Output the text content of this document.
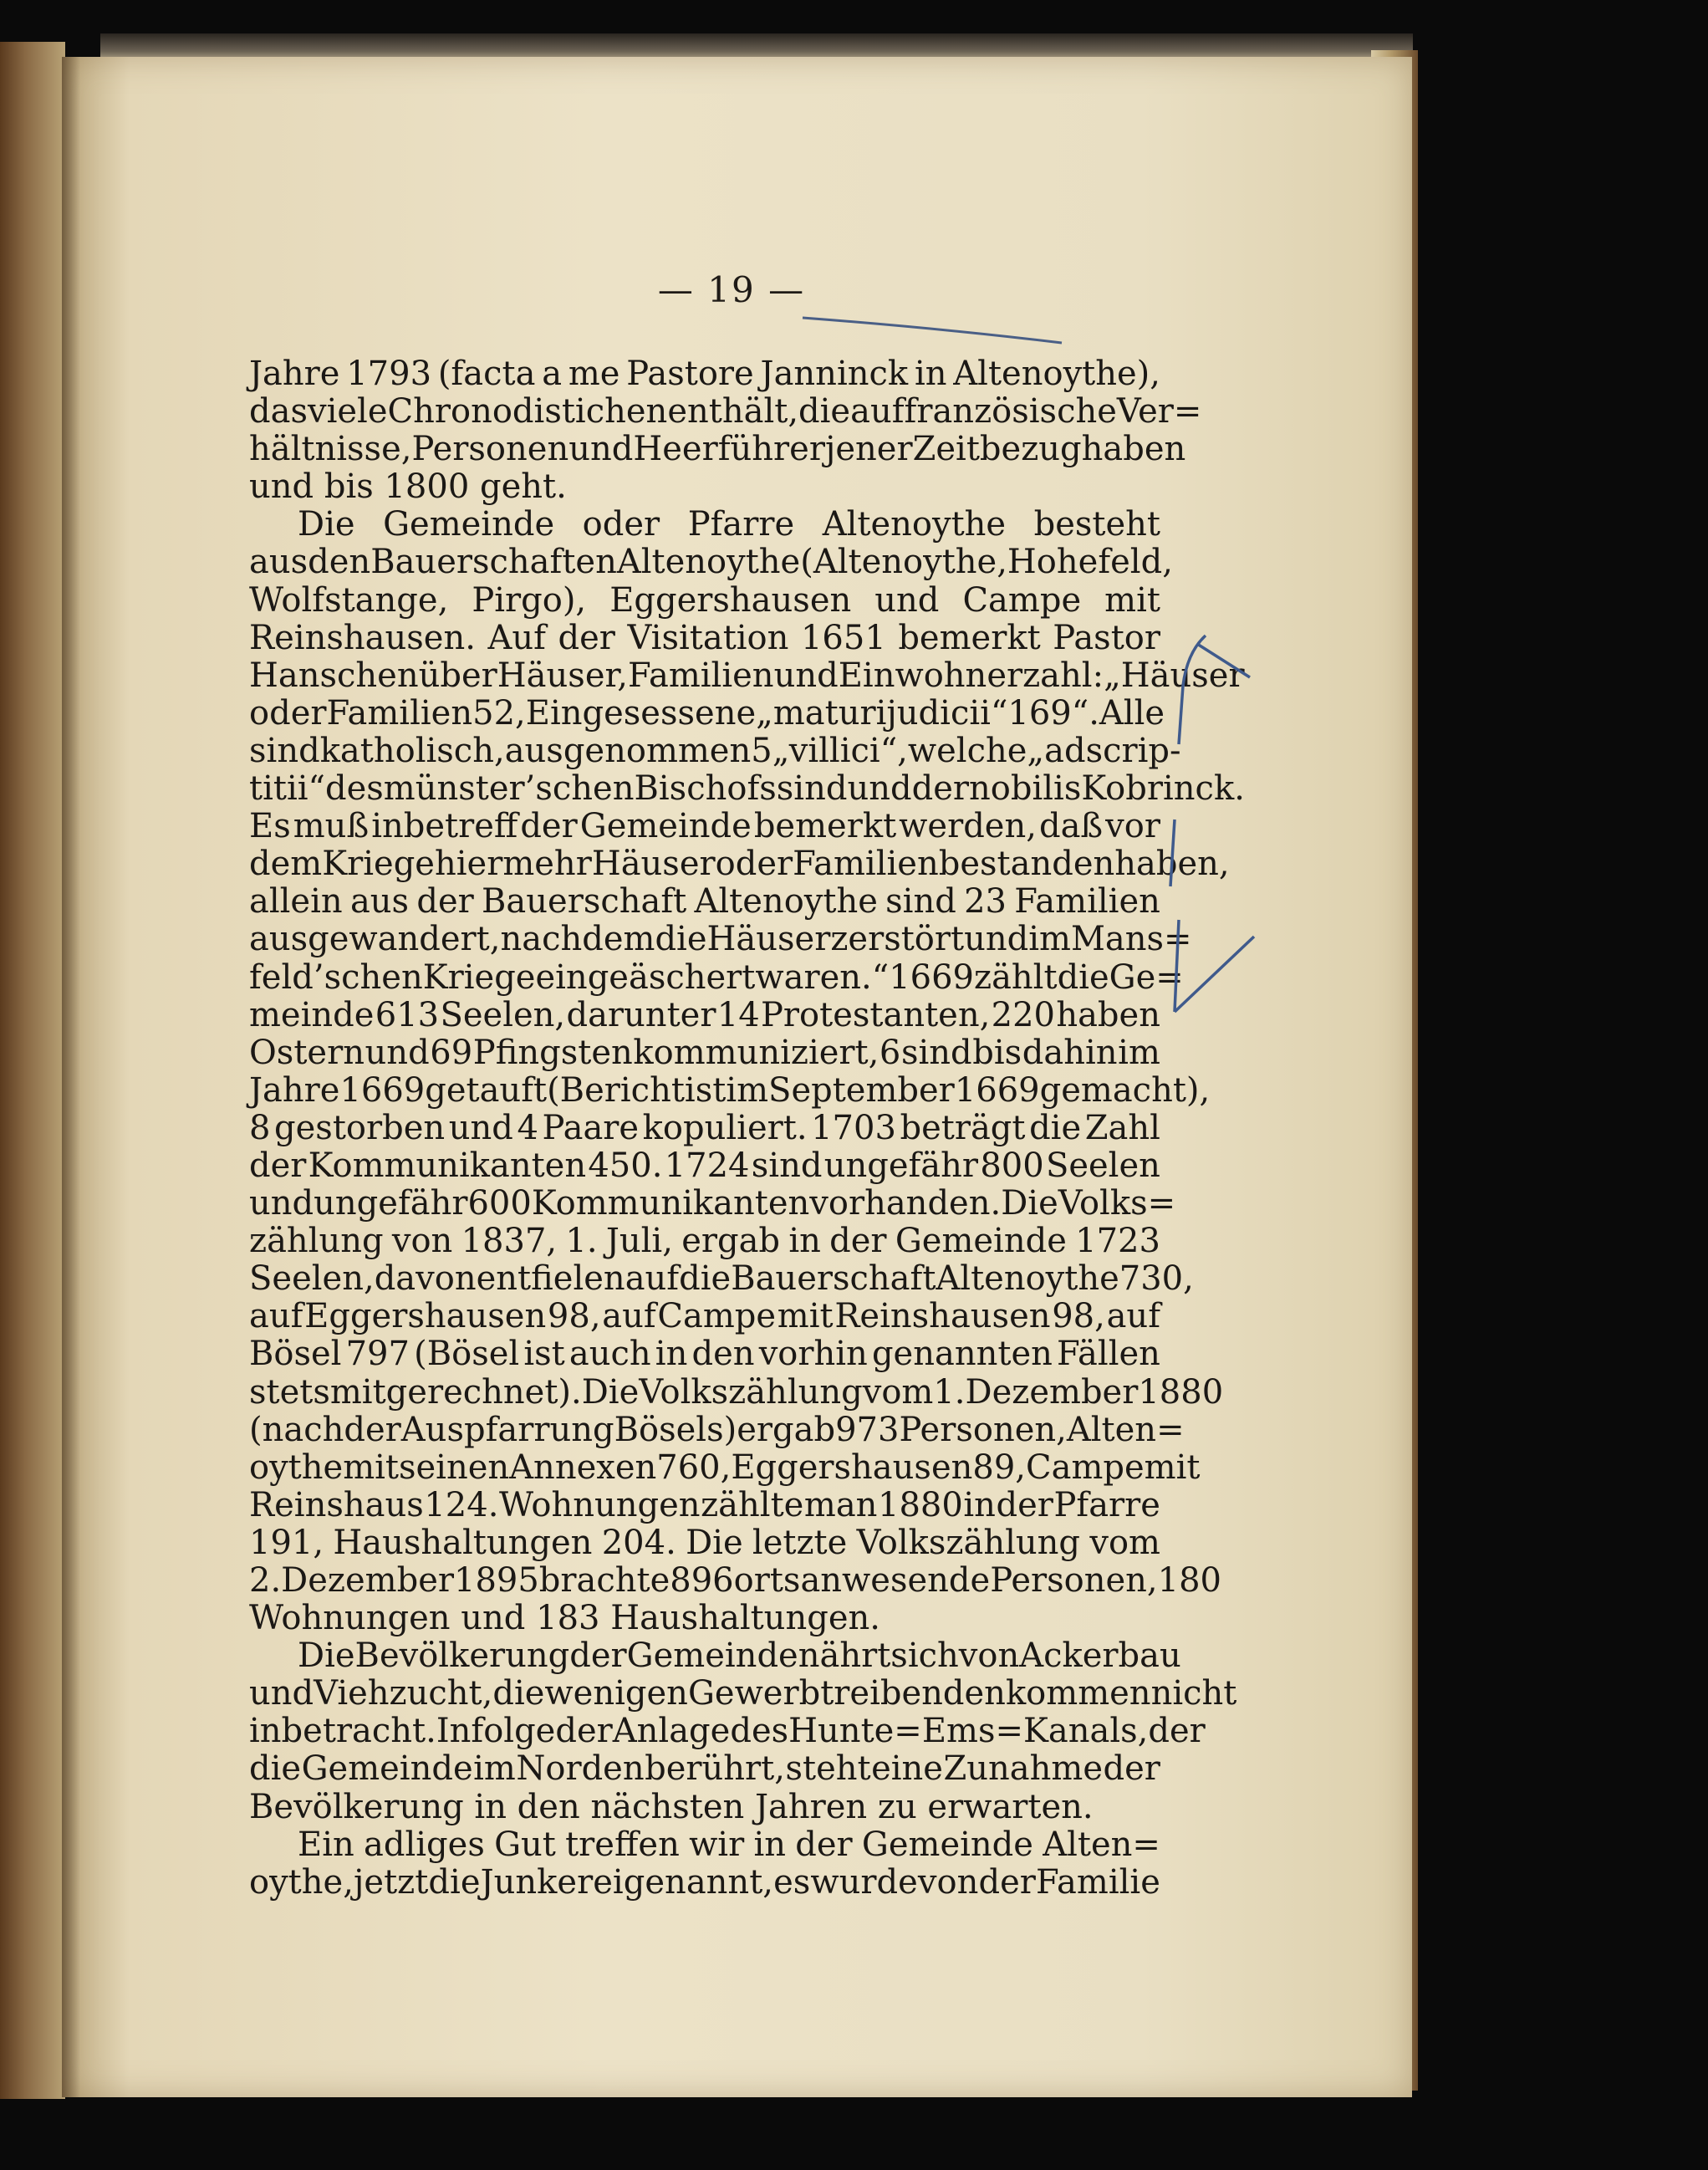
— 19 —
Jahre 1793 (facta a me Pastore Janninck in Altenoythe),
das viele Chronodistichen enthält, die auf französische Ver=
hältnisse, Personen und Heerführer jener Zeit bezug haben
und bis 1800 geht.
Die Gemeinde oder Pfarre Altenoythe besteht
aus den Bauerschaften Altenoythe (Altenoythe, Hohefeld,
Wolfstange, Pirgo), Eggershausen und Campe mit
Reinshausen. Auf der Visitation 1651 bemerkt Pastor
Hanschen über Häuser, Familien und Einwohnerzahl: „Häuser
oder Familien 52, Eingesessene „maturi judicii“ 169“. Alle
sind katholisch, ausgenommen 5 „villici“, welche „adscrip-
titii“ des münster’schen Bischofs sind und der nobilis Kobrinck.
Es muß inbetreff der Gemeinde bemerkt werden, daß vor
dem Kriege hier mehr Häuser oder Familien bestanden haben,
allein aus der Bauerschaft Altenoythe sind 23 Familien
ausgewandert, nachdem die Häuser zerstört und im Mans=
feld’schen Kriege eingeäschert waren.“ 1669 zählt die Ge=
meinde 613 Seelen, darunter 14 Protestanten, 220 haben
Ostern und 69 Pfingsten kommuniziert, 6 sind bis dahin im
Jahre 1669 getauft (Bericht ist im September 1669 gemacht),
8 gestorben und 4 Paare kopuliert. 1703 beträgt die Zahl
der Kommunikanten 450. 1724 sind ungefähr 800 Seelen
und ungefähr 600 Kommunikanten vorhanden. Die Volks=
zählung von 1837, 1. Juli, ergab in der Gemeinde 1723
Seelen, davon entfielen auf die Bauerschaft Altenoythe 730,
auf Eggershausen 98, auf Campe mit Reinshausen 98, auf
Bösel 797 (Bösel ist auch in den vorhin genannten Fällen
stets mitgerechnet). Die Volkszählung vom 1. Dezember 1880
(nach der Auspfarrung Bösels) ergab 973 Personen, Alten=
oythe mit seinen Annexen 760, Eggershausen 89, Campe mit
Reinshaus 124. Wohnungen zählte man 1880 in der Pfarre
191, Haushaltungen 204. Die letzte Volkszählung vom
2. Dezember 1895 brachte 896 ortsanwesende Personen, 180
Wohnungen und 183 Haushaltungen.
Die Bevölkerung der Gemeinde nährt sich von Ackerbau
und Viehzucht, die wenigen Gewerbtreibenden kommen nicht
inbetracht. Infolge der Anlage des Hunte=Ems=Kanals, der
die Gemeinde im Norden berührt, steht eine Zunahme der
Bevölkerung in den nächsten Jahren zu erwarten.
Ein adliges Gut treffen wir in der Gemeinde Alten=
oythe, jetzt die Junkerei genannt, es wurde von der Familie
